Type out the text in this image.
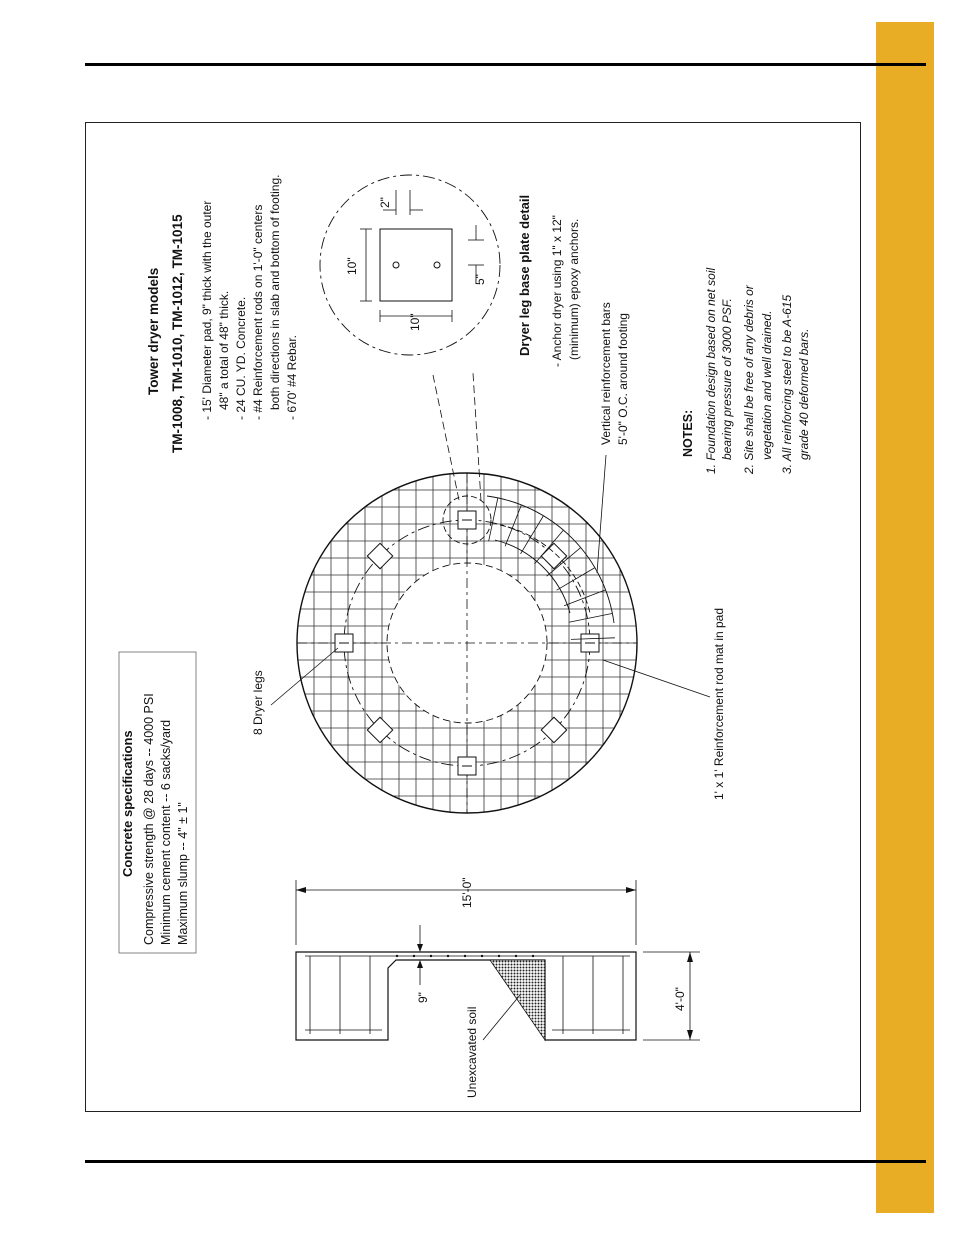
Tower dryer models TM-1008, TM-1010, TM-1012, TM-1015 - 15' Diameter pad, 9" thick with the outer 48" a total of 48" thick. - 24 CU. YD. Concrete. - #4 Reinforcement rods on 1'-0" centers both directions in slab and bottom of footing. - 670' #4 Rebar.
Dryer leg base plate detail - Anchor dryer using 1" x 12" (minimum) epoxy anchors.
2"
10"
10"
5"
Vertical reinforcement bars 5'-0" O.C. around footing	NOTES: 1. Foundation design based on net soil bearing pressure of 3000 PSF. 2. Site shall be free of any debris or vegetation and well drained. 3. All reinforcing steel to be A-615 grade 40 deformed bars.
8 Dryer legs	1' x 1' Reinforcement rod mat in pad
Unexcavated soil
15'-0"
4'-0"
9"
Concrete specifications Compressive strength @ 28 days -- 4000 PSI Minimum cement content -- 6 sacks/yard Maximum slump -- 4" ± 1"
